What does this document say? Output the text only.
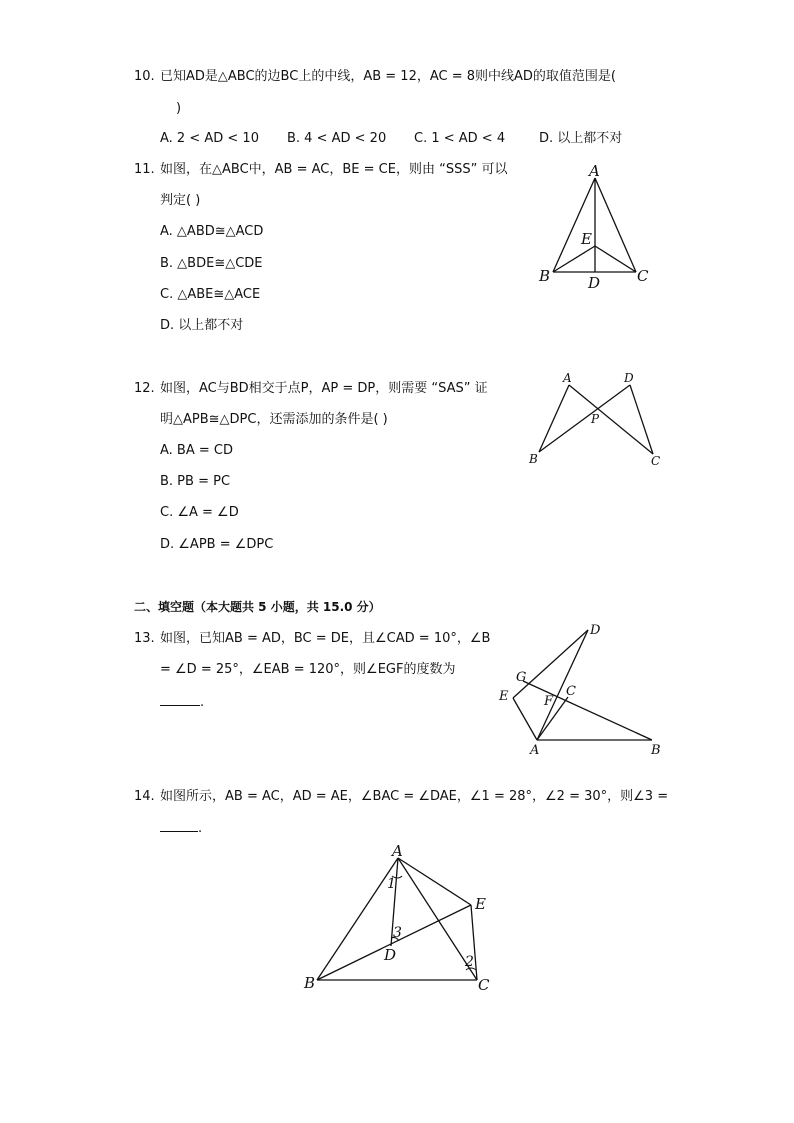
10. 已知AD是△ABC的边BC上的中线，AB = 12，AC = 8则中线AD的取值范围是(
)
A. 2 < AD < 10 B. 4 < AD < 20 C. 1 < AD < 4	D. 以上都不对
11. 如图，在△ABC中，AB = AC，BE = CE，则由 “SSS” 可以
判定( )
A. △ABD≅△ACD
B. △BDE≅△CDE
C. △ABE≅△ACE
D. 以上都不对
A
B	C
D
E
12. 如图，AC与BD相交于点P，AP = DP，则需要 “SAS” 证
明△APB≅△DPC，还需添加的条件是( )
A. BA = CD
B. PB = PC
C. ∠A = ∠D
D. ∠APB = ∠DPC
A	D
P
B	C
二、填空题（本大题共 5 小题，共 15.0 分）
13. 如图，已知AB = AD，BC = DE，且∠CAD = 10°，∠B
= ∠D = 25°，∠EAB = 120°，则∠EGF的度数为
.
G
D
E	C
F
A	B
14. 如图所示，AB = AC，AD = AE，∠BAC = ∠DAE，∠1 = 28°，∠2 = 30°，则∠3 =
.
A
E
B	C
D
1
3
2
